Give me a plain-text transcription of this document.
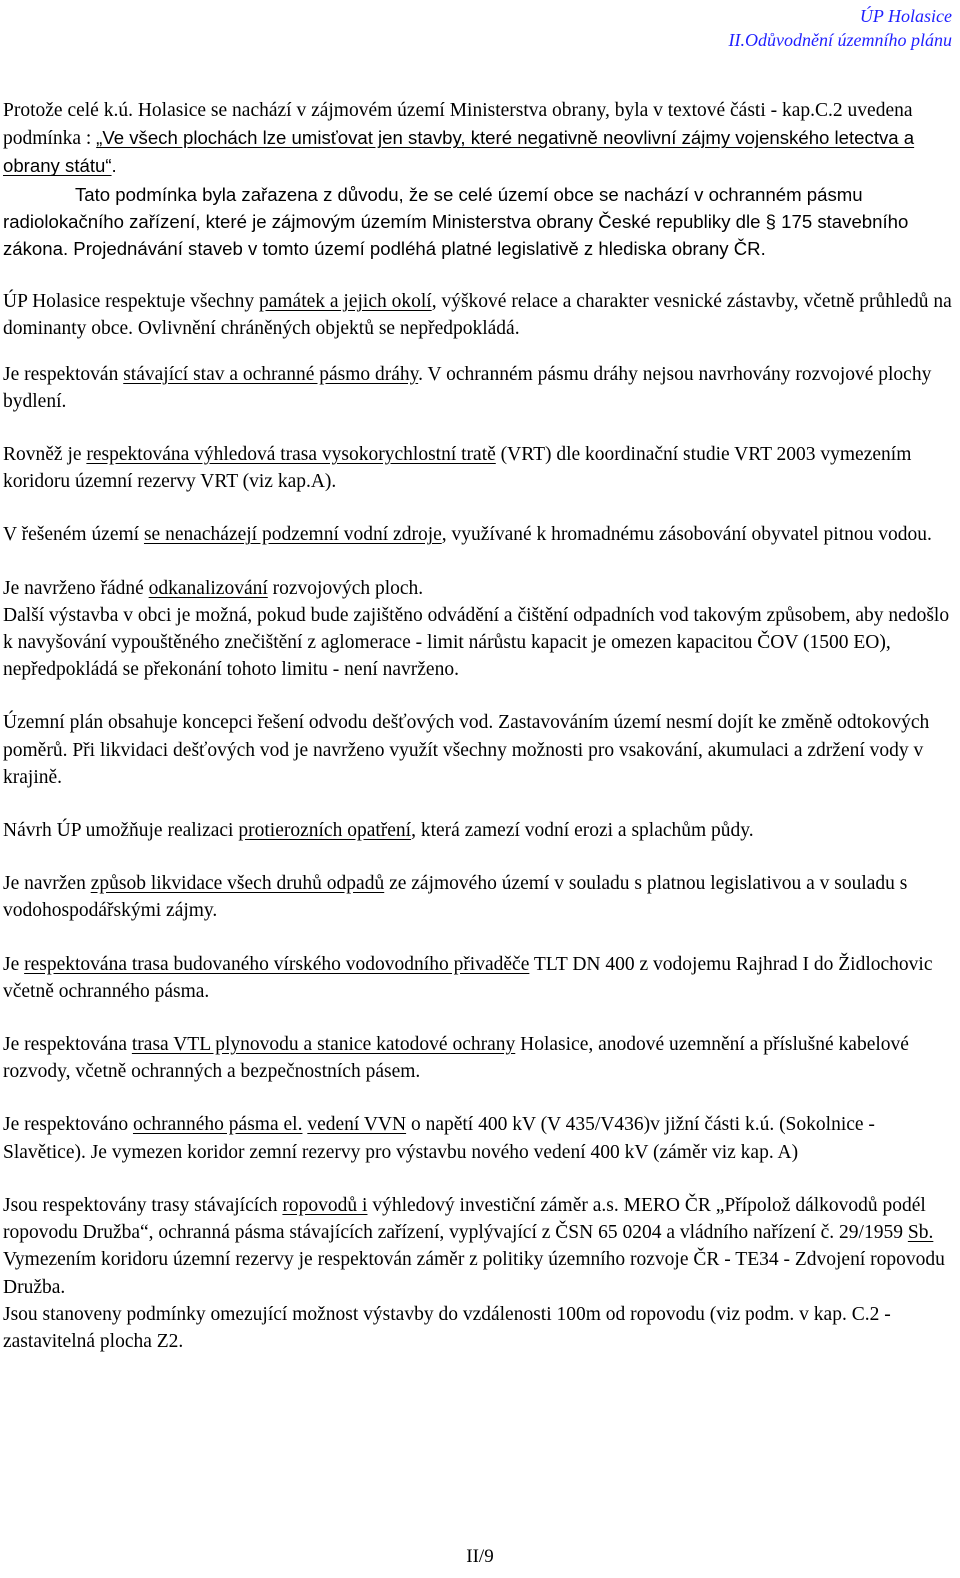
ÚP Holasice
II.Odůvodnění územního plánu

Protože celé k.ú. Holasice se nachází v zájmovém území Ministerstva obrany, byla v textové části - kap.C.2 uvedena podmínka : „Ve všech plochách lze umisťovat jen stavby, které negativně neovlivní zájmy vojenského letectva a obrany státu“.

Tato podmínka byla zařazena z důvodu, že se celé území obce se nachází v ochranném pásmu radiolokačního zařízení, které je zájmovým územím Ministerstva obrany České republiky dle § 175 stavebního zákona. Projednávání staveb v tomto území podléhá platné legislativě z hlediska obrany ČR.

ÚP Holasice respektuje všechny památek a jejich okolí, výškové relace a charakter vesnické zástavby, včetně průhledů na dominanty obce. Ovlivnění chráněných objektů se nepředpokládá.

Je respektován stávající stav a ochranné pásmo dráhy. V ochranném pásmu dráhy nejsou navrhovány rozvojové plochy bydlení.

Rovněž je respektována výhledová trasa vysokorychlostní tratě (VRT) dle koordinační studie VRT 2003 vymezením koridoru územní rezervy VRT (viz kap.A).

V řešeném území se nenacházejí podzemní vodní zdroje, využívané k hromadnému zásobování obyvatel pitnou vodou.

Je navrženo řádné odkanalizování rozvojových ploch.

Další výstavba v obci je možná, pokud bude zajištěno odvádění a čištění odpadních vod takovým způsobem, aby nedošlo k navyšování vypouštěného znečištění z aglomerace - limit nárůstu kapacit je omezen kapacitou ČOV (1500 EO), nepředpokládá se překonání tohoto limitu - není navrženo.

Územní plán obsahuje koncepci řešení odvodu dešťových vod. Zastavováním území nesmí dojít ke změně odtokových poměrů. Při likvidaci dešťových vod je navrženo využít všechny možnosti pro vsakování, akumulaci a zdržení vody v krajině.

Návrh ÚP umožňuje realizaci protierozních opatření, která zamezí vodní erozi a splachům půdy.

Je navržen způsob likvidace všech druhů odpadů ze zájmového území v souladu s platnou legislativou a v souladu s vodohospodářskými zájmy.

Je respektována trasa budovaného vírského vodovodního přivaděče TLT DN 400 z vodojemu Rajhrad I do Židlochovic včetně ochranného pásma.

Je respektována trasa VTL plynovodu a stanice katodové ochrany Holasice, anodové uzemnění a příslušné kabelové rozvody, včetně ochranných a bezpečnostních pásem.

Je respektováno ochranného pásma el. vedení VVN o napětí 400 kV (V 435/V436)v jižní části k.ú. (Sokolnice - Slavětice). Je vymezen koridor zemní rezervy pro výstavbu nového vedení 400 kV (záměr viz kap. A)

Jsou respektovány trasy stávajících ropovodů i výhledový investiční záměr a.s. MERO ČR „Přípolož dálkovodů podél ropovodu Družba“, ochranná pásma stávajících zařízení, vyplývající z ČSN 65 0204 a vládního nařízení č. 29/1959 Sb. Vymezením koridoru územní rezervy je respektován záměr z politiky územního rozvoje ČR - TE34 - Zdvojení ropovodu Družba.

Jsou stanoveny podmínky omezující možnost výstavby do vzdálenosti 100m od ropovodu (viz podm. v kap. C.2 - zastavitelná plocha Z2.

II/9
